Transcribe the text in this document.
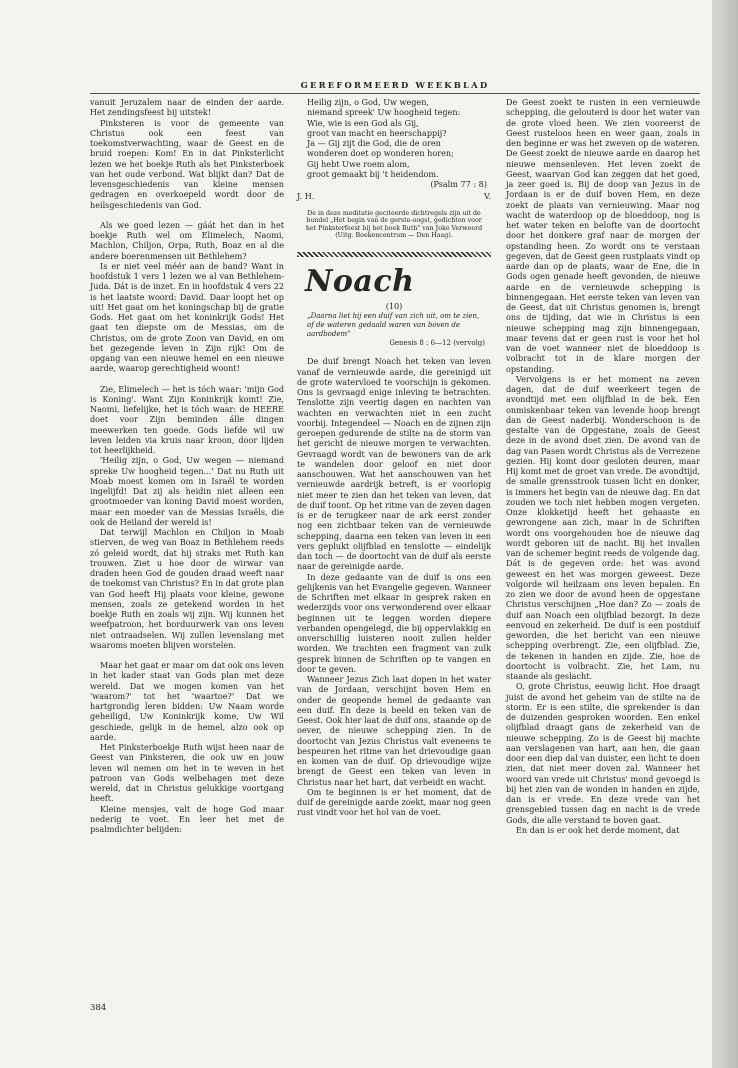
GEREFORMEERD WEEKBLAD

vanuit Jeruzalem naar de einden der aarde. Het zendingsfeest bij uitstek!

Pinksteren is voor de gemeente van Christus ook een feest van toekomstverwachting, waar de Geest en de bruid roepen: Kom! En in dat Pinksterlicht lezen we het boekje Ruth als het Pinksterboek van het oude verbond. Wat blijkt dan? Dat de levensgeschiedenis van kleine mensen gedragen en overkoepeld wordt door de heilsgeschiedenis van God.

Als we goed lezen — gáát het dan in het boekje Ruth wel om Elimelech, Naomi, Machlon, Chiljon, Orpa, Ruth, Boaz en al die andere boerenmensen uit Bethlehem?

Is er niet veel méér aan de hand? Want in hoofdstuk 1 vers 1 lezen we al van Bethlehem-Juda. Dát is de inzet. En in hoofdstuk 4 vers 22 is het laatste woord: David. Daar loopt het op uit! Het gaat om het koningschap bij de gratie Gods. Het gaat om het koninkrijk Gods! Het gaat ten diepste om de Messias, om de Christus, om de grote Zoon van David, en om het gezegende leven in Zijn rijk! Om de opgang van een nieuwe hemel en een nieuwe aarde, waarop gerechtigheid woont!

Zie, Elimelech — het is tóch waar: 'mijn God is Koning'. Want Zijn Koninkrijk komt! Zie, Naomi, liefelijke, het is tóch waar: de HEERE doet voor Zijn beminden álle dingen meewerken ten goede. Gods liefde wil uw leven leiden via kruis naar kroon, door lijden tot heerlijkheid.

'Heilig zijn, o God, Uw wegen — niemand spreke Uw hoogheid tegen...' Dat nu Ruth uit Moab moest komen om in Israël te worden ingelijfd! Dat zij als heidin niet alleen een grootmoeder van koning David moest worden, maar een moeder van de Messias Israëls, die ook de Heiland der wereld is!

Dat terwijl Machlon en Chiljon in Moab stierven, de weg van Boaz in Bethlehem reeds zó geleid wordt, dat hij straks met Ruth kan trouwen. Ziet u hoe door de wirwar van draden heen God de gouden draad weeft naar de toekomst van Christus? En in dat grote plan van God heeft Hij plaats voor kleine, gewone mensen, zoals ze getekend worden in het boekje Ruth en zoals wij zijn. Wij kunnen het weefpatroon, het borduurwerk van ons leven niet ontraadselen. Wij zullen levenslang met waaroms moeten blijven worstelen.

Maar het gaat er maar om dat ook ons leven in het kader staat van Gods plan met deze wereld. Dat we mogen komen van het 'waarom?' tot het 'waartoe?' Dat we hartgrondig leren bidden: Uw Naam worde geheiligd, Uw Koninkrijk kome, Uw Wil geschiede, gelijk in de hemel, alzo ook op aarde.

Het Pinksterboekje Ruth wijst heen naar de Geest van Pinksteren, die ook uw en jouw leven wil nemen om het in te weven in het patroon van Gods welbehagen met deze wereld, dat in Christus gelukkige voortgang heeft.

Kleine mensjes, valt de hoge God maar nederig te voet. En leer het met de psalmdichter belijden:

Heilig zijn, o God, Uw wegen,
niemand spreek' Uw hoogheid tegen:
Wie, wie is een God als Gij,
groot van macht en heerschappij?
Ja — Gij zijt die God, die de oren
wonderen doet op wonderen horen;
Gij hebt Uwe roem alom,
groot gemaakt bij 't heidendom.
(Psalm 77 : 8)
J. H.	V.
De in deze meditatie geciteerde dichtregels zijn uit de bundel „Het begin van de gerste-oogst, gedichten voor het Pinksterfeest bij het boek Ruth" van Joke Verweerd (Uitg. Boekencentrum — Den Haag).
Noach
(10)
„Daarna liet hij een duif van zich uit, om te zien, of de wateren gedaald waren van boven de aardbodem"
Genesis 8 : 6—12 (vervolg)

De duif brengt Noach het teken van leven vanaf de vernieuwde aarde, die gereinigd uit de grote watervloed te voorschijn is gekomen. Ons is gevraagd enige inleving te betrachten. Tenslotte zijn veertig dagen en nachten van wachten en verwachten niet in een zucht voorbij. Integendeel — Noach en de zijnen zijn geroepen gedurende de stilte na de storm van het gericht de nieuwe morgen te verwachten. Gevraagd wordt van de bewoners van de ark te wandelen door geloof en niet door aanschouwen. Wat het aanschouwen van het vernieuwde aardrijk betreft, is er voorlopig niet meer te zien dan het teken van leven, dat de duif toont. Op het ritme van de zeven dagen is er de terugkeer naar de ark eerst zonder nog een zichtbaar teken van de vernieuwde schepping, daarna een teken van leven in een vers geplukt olijfblad en tenslotte — eindelijk dan toch — de doortocht van de duif als eerste naar de gereinigde aarde.

In deze gedaante van de duif is ons een gelijkenis van het Evangelie gegeven. Wanneer de Schriften met elkaar in gesprek raken en wederzijds voor ons verwonderend over elkaar beginnen uit te leggen worden diepere verbanden opengelegd, die bij oppervlakkig en onverschillig luisteren nooit zullen helder worden. We trachten een fragment van zulk gesprek binnen de Schriften op te vangen en door te geven.

Wanneer Jezus Zich laat dopen in het water van de Jordaan, verschijnt boven Hem en onder de geopende hemel de gedaante van een duif. En deze is beeld en teken van de Geest. Ook hier laat de duif ons, staande op de oever, de nieuwe schepping zien. In de doortocht van Jezus Christus valt eveneens te bespeuren het ritme van het drievoudige gaan en komen van de duif. Op drievoudige wijze brengt de Geest een teken van leven in Christus naar het hart, dat verbeidt en wacht.

Om te beginnen is er het moment, dat de duif de gereinigde aarde zoekt, maar nog geen rust vindt voor het hol van de voet.

De Geest zoekt te rusten in een vernieuwde schepping, die gelouterd is door het water van de grote vloed heen. We zien vooreerst de Geest rusteloos heen en weer gaan, zoals in den beginne er was het zweven op de wateren. De Geest zoekt de nieuwe aarde en daarop het nieuwe mensenleven. Het leven zoekt de Geest, waarvan God kan zeggen dat het goed, ja zeer goed is. Bij de doop van Jezus in de Jordaan is er de duif boven Hem, en deze zoekt de plaats van vernieuwing. Maar nog wacht de waterdoop op de bloeddoop, nog is het water teken en belofte van de doortocht door het donkere graf naar de morgen der opstanding heen. Zo wordt ons te verstaan gegeven, dat de Geest geen rustplaats vindt op aarde dan op de plaats, waar de Ene, die in Gods ogen genade heeft gevonden, de nieuwe aarde en de vernieuwde schepping is binnengegaan. Het eerste teken van leven van de Geest, dat uit Christus genomen is, brengt ons de tijding, dat wie in Christus is een nieuwe schepping mag zijn binnengegaan, maar tevens dat er geen rust is voor het hol van de voet wanneer niet de bloeddoop is volbracht tot in de klare morgen der opstanding.

Vervolgens is er het moment na zeven dagen, dat de duif weerkeert tegen de avondtijd met een olijfblad in de bek. Een onmiskenbaar teken van levende hoop brengt dan de Geest naderbij. Wonderschoon is de gestalte van de Opgestane, zoals de Geest deze in de avond doet zien. De avond van de dag van Pasen wordt Christus als de Verrezene gezien. Hij komt door gesloten deuren, maar Hij komt met de groet van vrede. De avondtijd, de smalle grensstrook tussen licht en donker, is immers het begin van de nieuwe dag. En dat zouden we toch niet hebben mogen vergeten. Onze klokketijd heeft het gehaaste en gewrongene aan zich, maar in de Schriften wordt ons voorgehouden hoe de nieuwe dag wordt geboren uit de nacht. Bij het invallen van de schemer begint reeds de volgende dag. Dát is de gegeven orde: het was avond geweest en het was morgen geweest. Deze volgorde wil heilzaam ons leven bepalen. En zo zien we door de avond heen de opgestane Christus verschijnen „Hoe dan? Zo — zoals de duif aan Noach een olijfblad bezorgt. In deze eenvoud en zekerheid. De duif is een postduif geworden, die het bericht van een nieuwe schepping overbrengt. Zie, een olijfblad. Zie, de tekenen in handen en zijde. Zie, hoe de doortocht is volbracht. Zie, het Lam, nu staande als geslacht.

O, grote Christus, eeuwig licht. Hoe draagt juist de avond het geheim van de stilte na de storm. Er is een stilte, die sprekender is dan de duizenden gesproken woorden. Een enkel olijfblad draagt gans de zekerheid van de nieuwe schepping. Zo is de Geest bij machte aan verslagenen van hart, aan hen, die gaan door een diep dal van duister, een licht te doen zien, dat niet meer doven zal. Wanneer het woord van vrede uit Christus' mond gevoegd is bij het zien van de wonden in handen en zijde, dan is er vrede. En deze vrede van het grensgebied tussen dag en nacht is de vrede Gods, die alle verstand te boven gaat.

En dan is er ook het derde moment, dat

384
